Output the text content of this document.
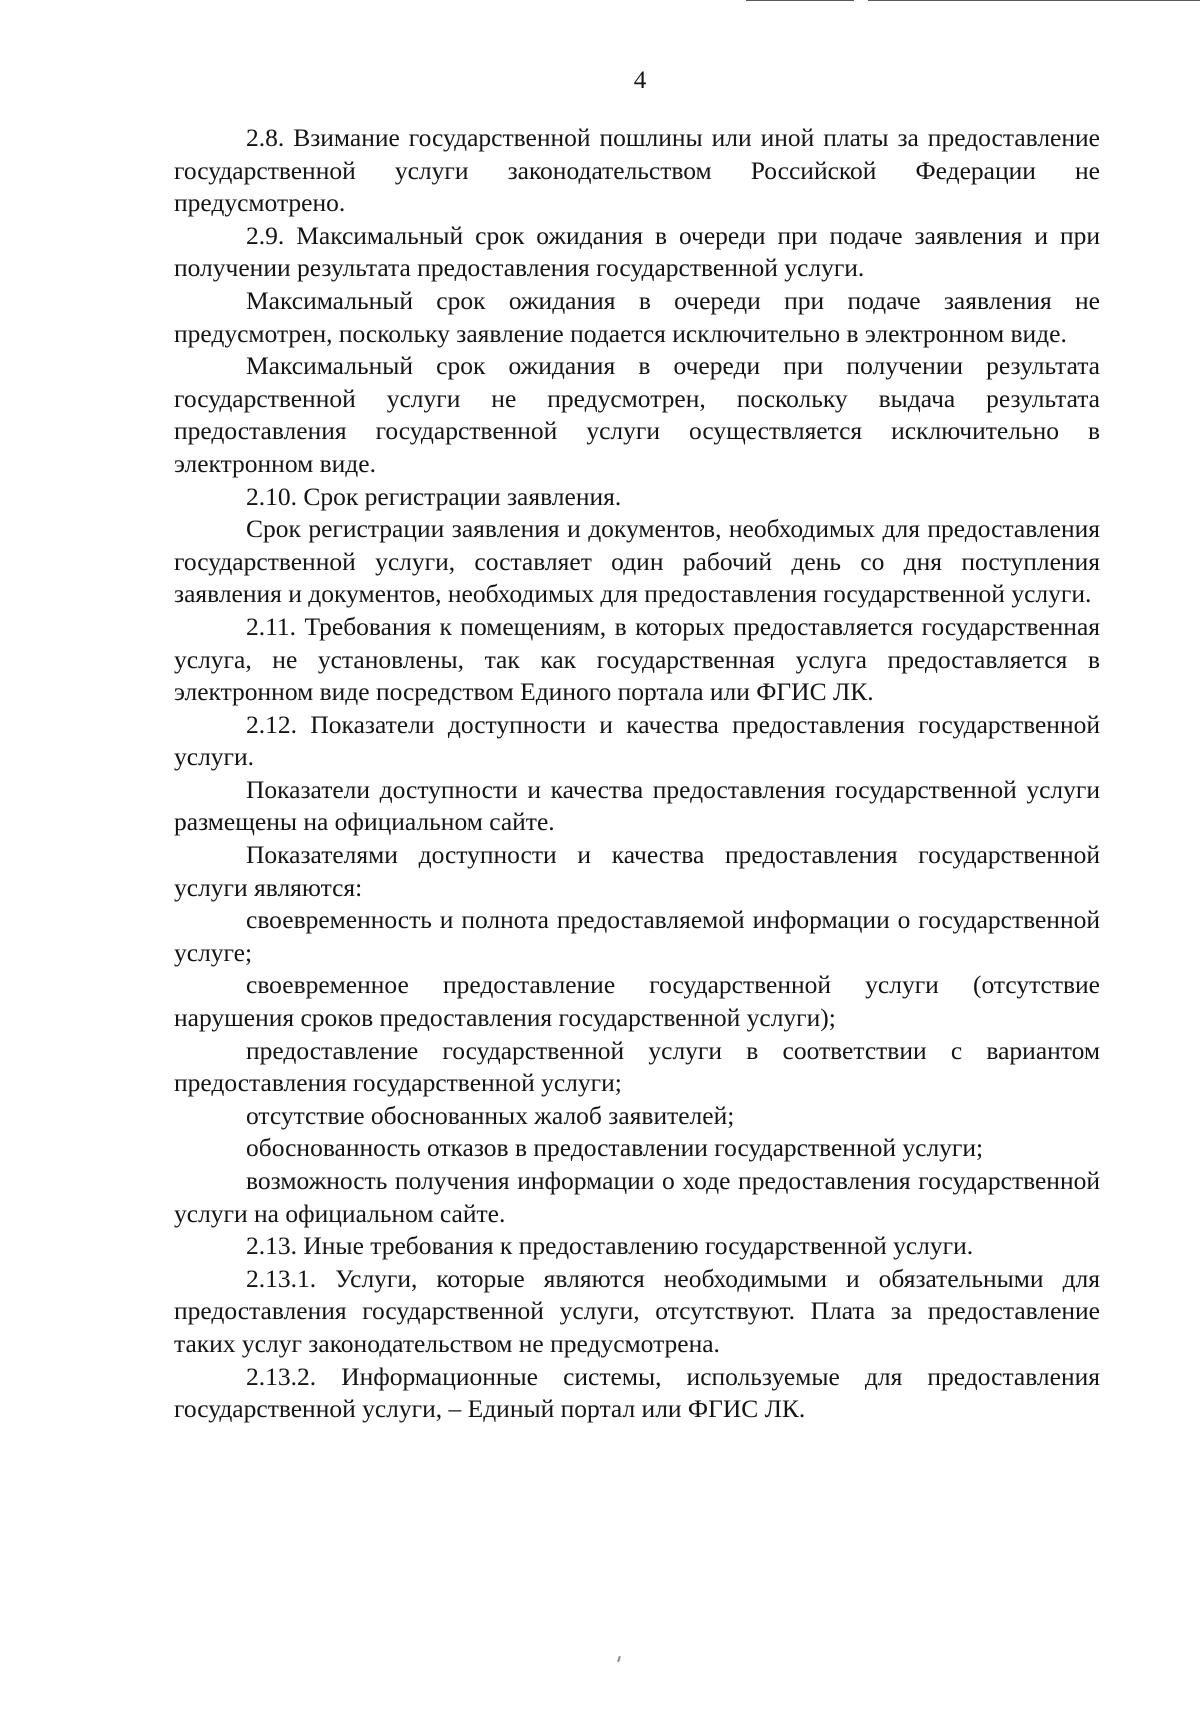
4

2.8. Взимание государственной пошлины или иной платы за предоставление государственной услуги законодательством Российской Федерации не предусмотрено.

2.9. Максимальный срок ожидания в очереди при подаче заявления и при получении результата предоставления государственной услуги.

Максимальный срок ожидания в очереди при подаче заявления не предусмотрен, поскольку заявление подается исключительно в электронном виде.

Максимальный срок ожидания в очереди при получении результата государственной услуги не предусмотрен, поскольку выдача результата предоставления государственной услуги осуществляется исключительно в электронном виде.

2.10. Срок регистрации заявления.

Срок регистрации заявления и документов, необходимых для предоставления государственной услуги, составляет один рабочий день со дня поступления заявления и документов, необходимых для предоставления государственной услуги.

2.11. Требования к помещениям, в которых предоставляется государственная услуга, не установлены, так как государственная услуга предоставляется в электронном виде посредством Единого портала или ФГИС ЛК.

2.12. Показатели доступности и качества предоставления государственной услуги.

Показатели доступности и качества предоставления государственной услуги размещены на официальном сайте.

Показателями доступности и качества предоставления государственной услуги являются:

своевременность и полнота предоставляемой информации о государственной услуге;

своевременное предоставление государственной услуги (отсутствие нарушения сроков предоставления государственной услуги);

предоставление государственной услуги в соответствии с вариантом предоставления государственной услуги;

отсутствие обоснованных жалоб заявителей;

обоснованность отказов в предоставлении государственной услуги;

возможность получения информации о ходе предоставления государственной услуги на официальном сайте.

2.13. Иные требования к предоставлению государственной услуги.

2.13.1. Услуги, которые являются необходимыми и обязательными для предоставления государственной услуги, отсутствуют. Плата за предоставление таких услуг законодательством не предусмотрена.

2.13.2. Информационные системы, используемые для предоставления государственной услуги, – Единый портал или ФГИС ЛК.
